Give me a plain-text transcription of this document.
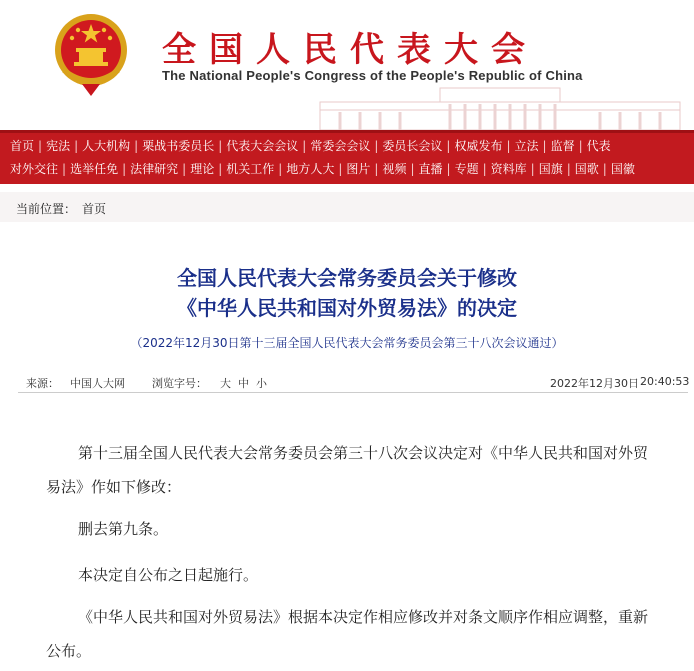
全国人民代表大会
The National People's Congress of the People's Republic of China
首页 | 宪法 | 人大机构 | 栗战书委员长 | 代表大会会议 | 常委会会议 | 委员长会议 | 权威发布 | 立法 | 监督 | 代表
对外交往 | 选举任免 | 法律研究 | 理论 | 机关工作 | 地方人大 | 图片 | 视频 | 直播 | 专题 | 资料库 | 国旗 | 国歌 | 国徽
当前位置： 首页
全国人民代表大会常务委员会关于修改
《中华人民共和国对外贸易法》的决定
（2022年12月30日第十三届全国人民代表大会常务委员会第三十八次会议通过）
来源： 中国人大网 浏览字号： 大 中 小	2022年12月30日 20:40:53
第十三届全国人民代表大会常务委员会第三十八次会议决定对《中华人民共和国对外贸易法》作如下修改：
删去第九条。
本决定自公布之日起施行。
《中华人民共和国对外贸易法》根据本决定作相应修改并对条文顺序作相应调整，重新公布。
